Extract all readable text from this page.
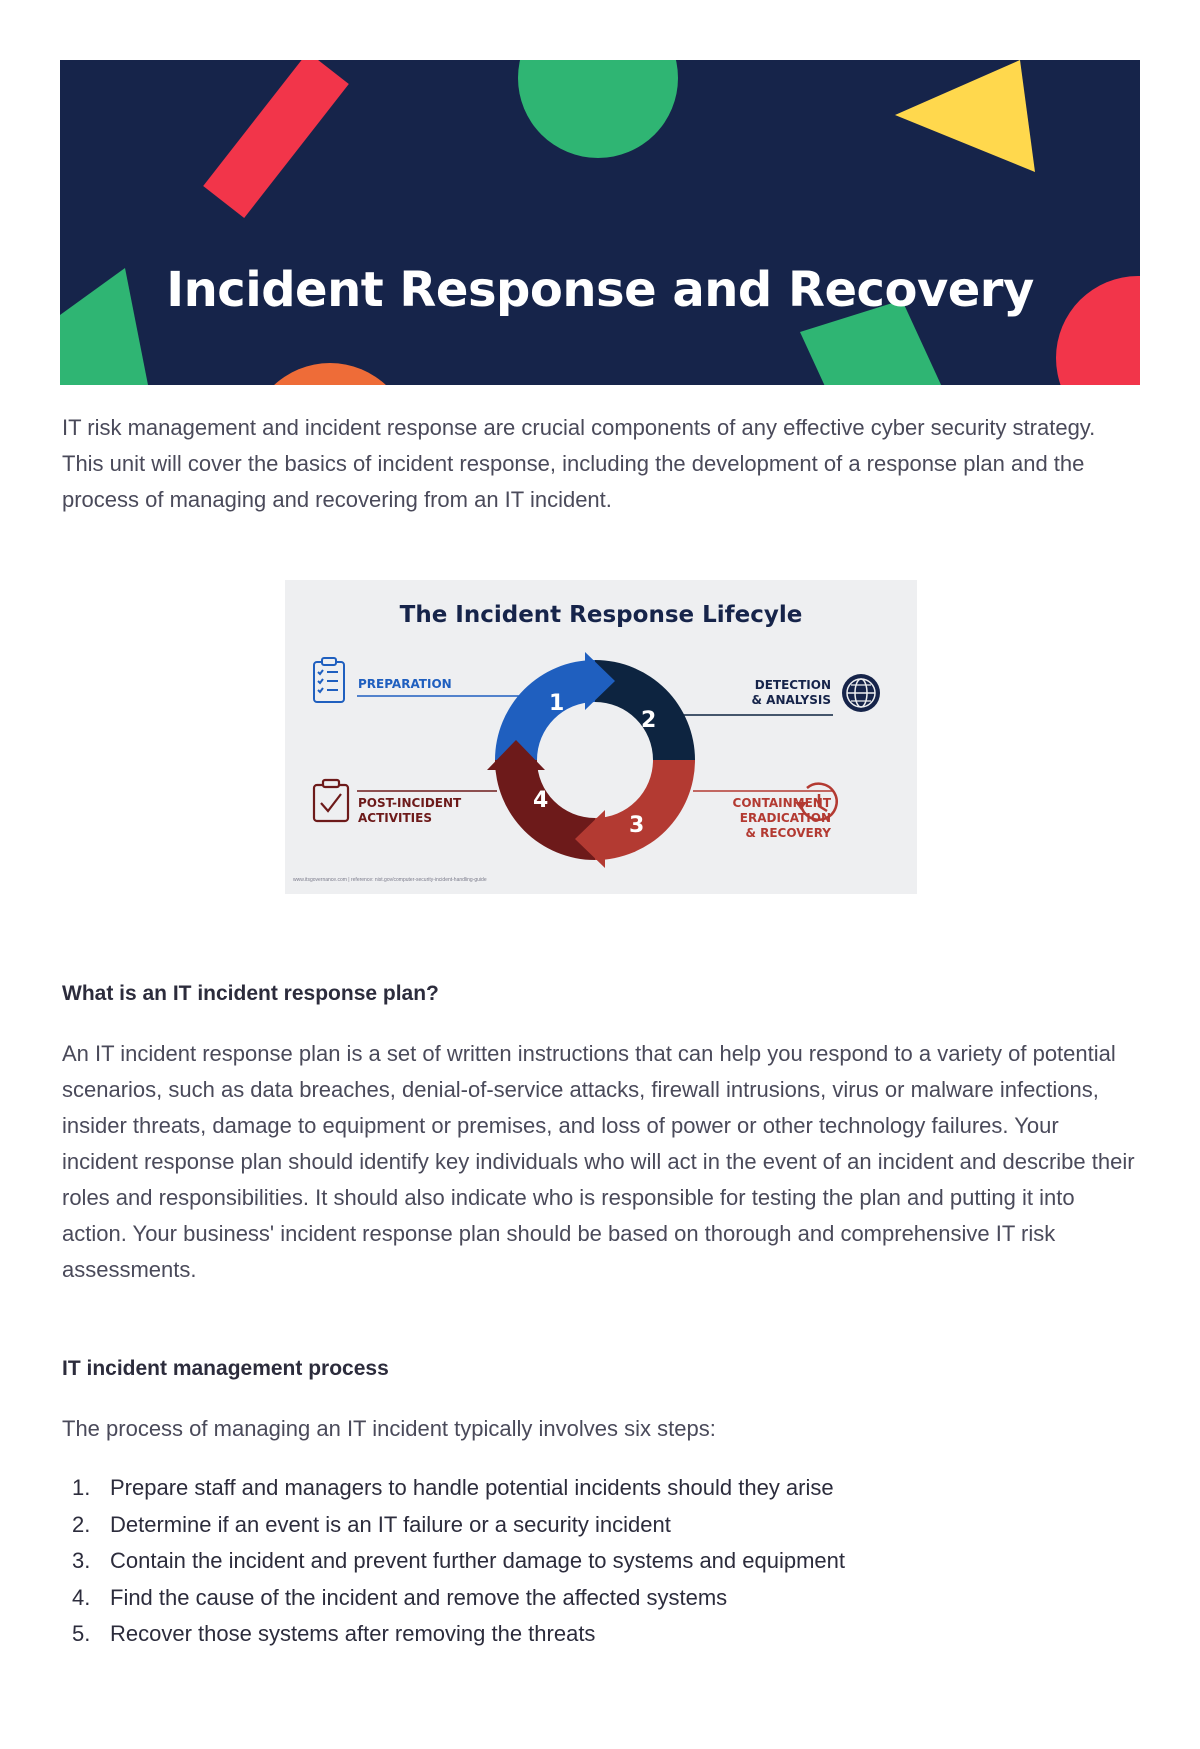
Incident Response and Recovery

IT risk management and incident response are crucial components of any effective cyber security strategy. This unit will cover the basics of incident response, including the development of a response plan and the process of managing and recovering from an IT incident.

The Incident Response Lifecyle
1
2
3
4
PREPARATION	DETECTION
& ANALYSIS
POST-INCIDENT
ACTIVITIES
CONTAINMENT
ERADICATION
& RECOVERY
www.itsgovernance.com | reference: nist.gov/computer-security-incident-handling-guide
What is an IT incident response plan?

An IT incident response plan is a set of written instructions that can help you respond to a variety of potential scenarios, such as data breaches, denial-of-service attacks, firewall intrusions, virus or malware infections, insider threats, damage to equipment or premises, and loss of power or other technology failures. Your incident response plan should identify key individuals who will act in the event of an incident and describe their roles and responsibilities. It should also indicate who is responsible for testing the plan and putting it into action. Your business' incident response plan should be based on thorough and comprehensive IT risk assessments.

IT incident management process

The process of managing an IT incident typically involves six steps:

1. Prepare staff and managers to handle potential incidents should they arise
2. Determine if an event is an IT failure or a security incident
3. Contain the incident and prevent further damage to systems and equipment
4. Find the cause of the incident and remove the affected systems
5. Recover those systems after removing the threats
